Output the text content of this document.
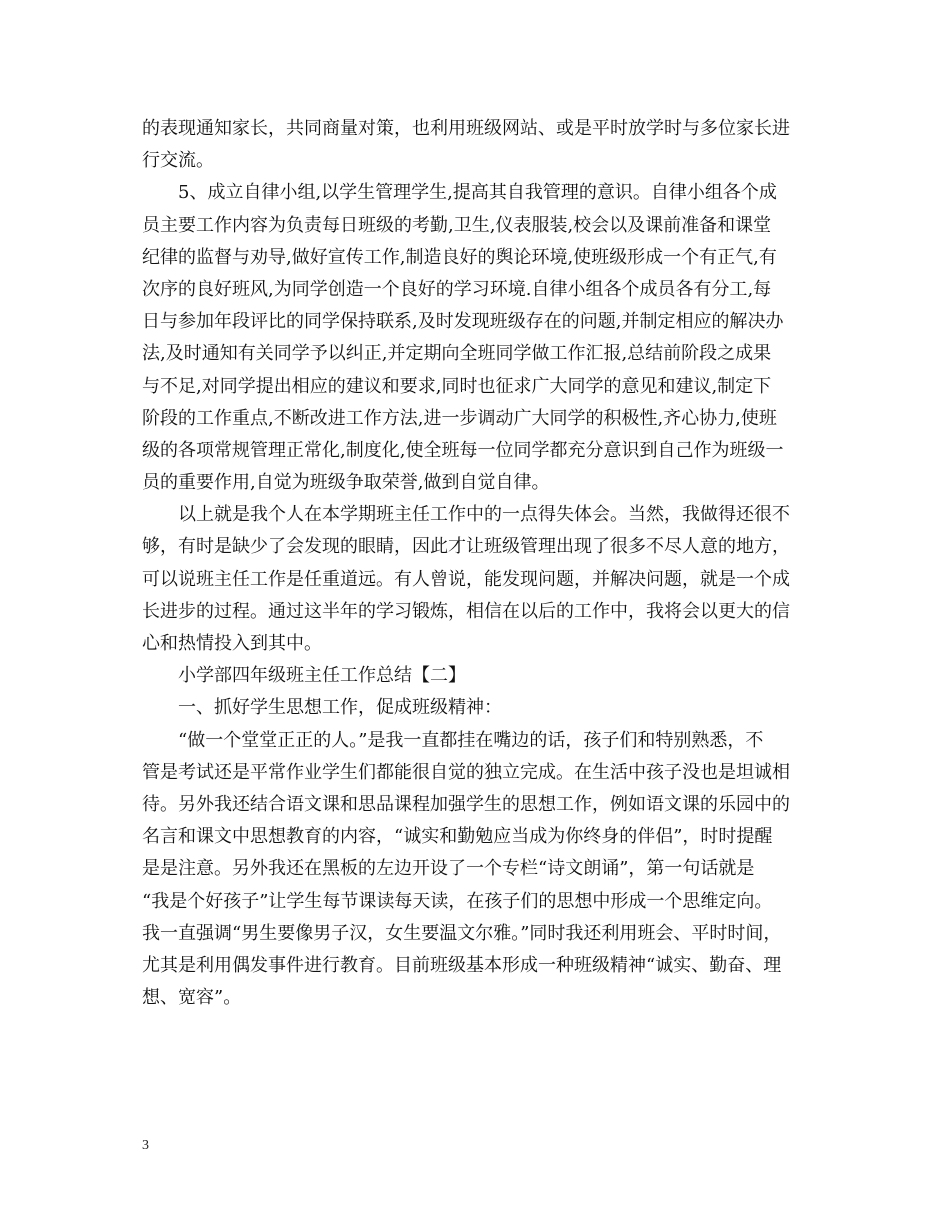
的表现通知家长，共同商量对策，也利用班级网站、或是平时放学时与多位家长进
行交流。
5、成立自律小组,以学生管理学生,提高其自我管理的意识。自律小组各个成
员主要工作内容为负责每日班级的考勤,卫生,仪表服装,校会以及课前准备和课堂
纪律的监督与劝导,做好宣传工作,制造良好的舆论环境,使班级形成一个有正气,有
次序的良好班风,为同学创造一个良好的学习环境.自律小组各个成员各有分工,每
日与参加年段评比的同学保持联系,及时发现班级存在的问题,并制定相应的解决办
法,及时通知有关同学予以纠正,并定期向全班同学做工作汇报,总结前阶段之成果
与不足,对同学提出相应的建议和要求,同时也征求广大同学的意见和建议,制定下
阶段的工作重点,不断改进工作方法,进一步调动广大同学的积极性,齐心协力,使班
级的各项常规管理正常化,制度化,使全班每一位同学都充分意识到自己作为班级一
员的重要作用,自觉为班级争取荣誉,做到自觉自律。
以上就是我个人在本学期班主任工作中的一点得失体会。当然，我做得还很不
够，有时是缺少了会发现的眼睛，因此才让班级管理出现了很多不尽人意的地方，
可以说班主任工作是任重道远。有人曾说，能发现问题，并解决问题，就是一个成
长进步的过程。通过这半年的学习锻炼，相信在以后的工作中，我将会以更大的信
心和热情投入到其中。
小学部四年级班主任工作总结【二】
一、抓好学生思想工作，促成班级精神：
“做一个堂堂正正的人。”是我一直都挂在嘴边的话，孩子们和特别熟悉，不
管是考试还是平常作业学生们都能很自觉的独立完成。在生活中孩子没也是坦诚相
待。另外我还结合语文课和思品课程加强学生的思想工作，例如语文课的乐园中的
名言和课文中思想教育的内容，“诚实和勤勉应当成为你终身的伴侣”，时时提醒
是是注意。另外我还在黑板的左边开设了一个专栏“诗文朗诵”，第一句话就是
“我是个好孩子”让学生每节课读每天读，在孩子们的思想中形成一个思维定向。
我一直强调“男生要像男子汉，女生要温文尔雅。”同时我还利用班会、平时时间，
尤其是利用偶发事件进行教育。目前班级基本形成一种班级精神“诚实、勤奋、理
想、宽容”。
3
